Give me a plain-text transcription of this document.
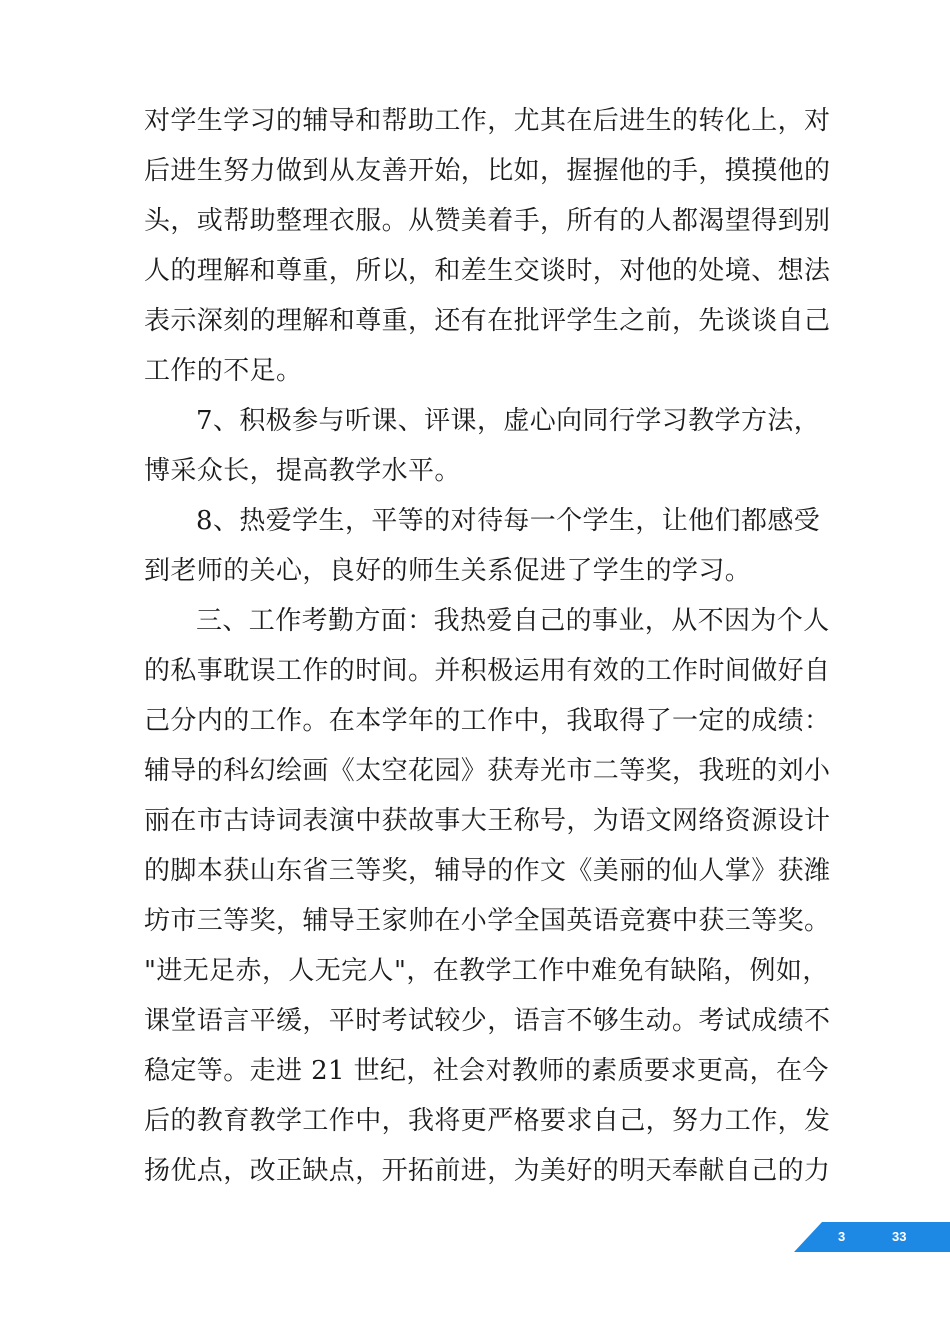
对学生学习的辅导和帮助工作，尤其在后进生的转化上，对
后进生努力做到从友善开始，比如，握握他的手，摸摸他的
头，或帮助整理衣服。从赞美着手，所有的人都渴望得到别
人的理解和尊重，所以，和差生交谈时，对他的处境、想法
表示深刻的理解和尊重，还有在批评学生之前，先谈谈自己
工作的不足。
7、积极参与听课、评课，虚心向同行学习教学方法，
博采众长，提高教学水平。
8、热爱学生，平等的对待每一个学生，让他们都感受
到老师的关心，良好的师生关系促进了学生的学习。
三、工作考勤方面：我热爱自己的事业，从不因为个人
的私事耽误工作的时间。并积极运用有效的工作时间做好自
己分内的工作。在本学年的工作中，我取得了一定的成绩：
辅导的科幻绘画《太空花园》获寿光市二等奖，我班的刘小
丽在市古诗词表演中获故事大王称号，为语文网络资源设计
的脚本获山东省三等奖，辅导的作文《美丽的仙人掌》获潍
坊市三等奖，辅导王家帅在小学全国英语竞赛中获三等奖。
"进无足赤，人无完人"，在教学工作中难免有缺陷，例如，
课堂语言平缓，平时考试较少，语言不够生动。考试成绩不
稳定等。走进 21 世纪，社会对教师的素质要求更高，在今
后的教育教学工作中，我将更严格要求自己，努力工作，发
扬优点，改正缺点，开拓前进，为美好的明天奉献自己的力
3	33
